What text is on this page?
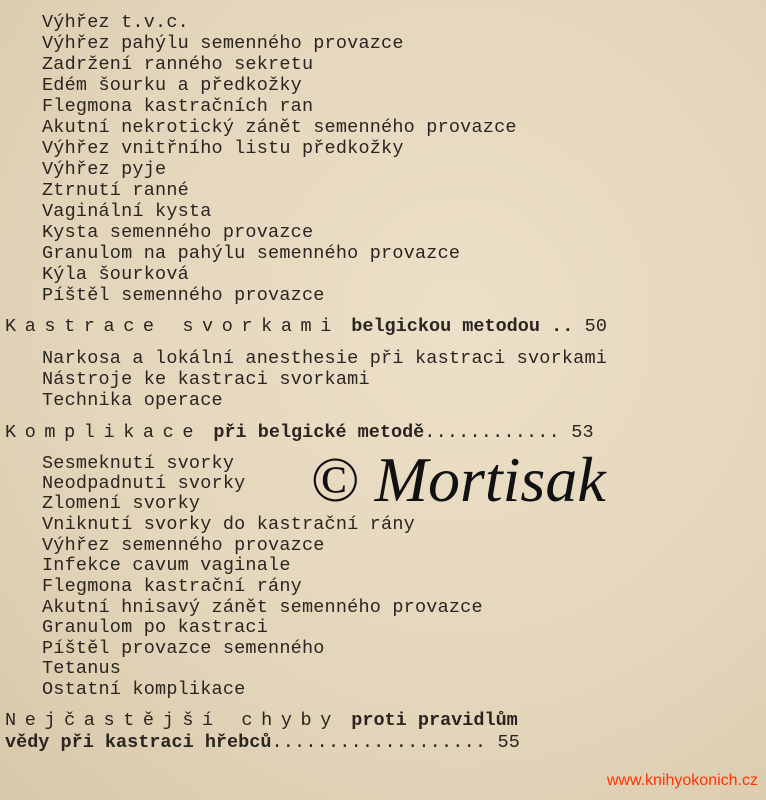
Výhřez t.v.c.
Výhřez pahýlu semenného provazce
Zadržení ranného sekretu
Edém šourku a předkožky
Flegmona kastračních ran
Akutní nekrotický zánět semenného provazce
Výhřez vnitřního listu předkožky
Výhřez pyje
Ztrnutí ranné
Vaginální kysta
Kysta semenného provazce
Granulom na pahýlu semenného provazce
Kýla šourková
Píštěl semenného provazce
Kastrace svorkami belgickou metodou .. 50
Narkosa a lokální anesthesie při kastraci svorkami
Nástroje ke kastraci svorkami
Technika operace
Komplikace při belgické metodě............ 53
Sesmeknutí svorky
Neodpadnutí svorky
Zlomení svorky
Vniknutí svorky do kastrační rány
Výhřez semenného provazce
Infekce cavum vaginale
Flegmona kastrační rány
Akutní hnisavý zánět semenného provazce
Granulom po kastraci
Píštěl provazce semenného
Tetanus
Ostatní komplikace
Nejčastější chyby proti pravidlům
vědy při kastraci hřebců................... 55
© Mortisak
www.knihyokonich.cz
